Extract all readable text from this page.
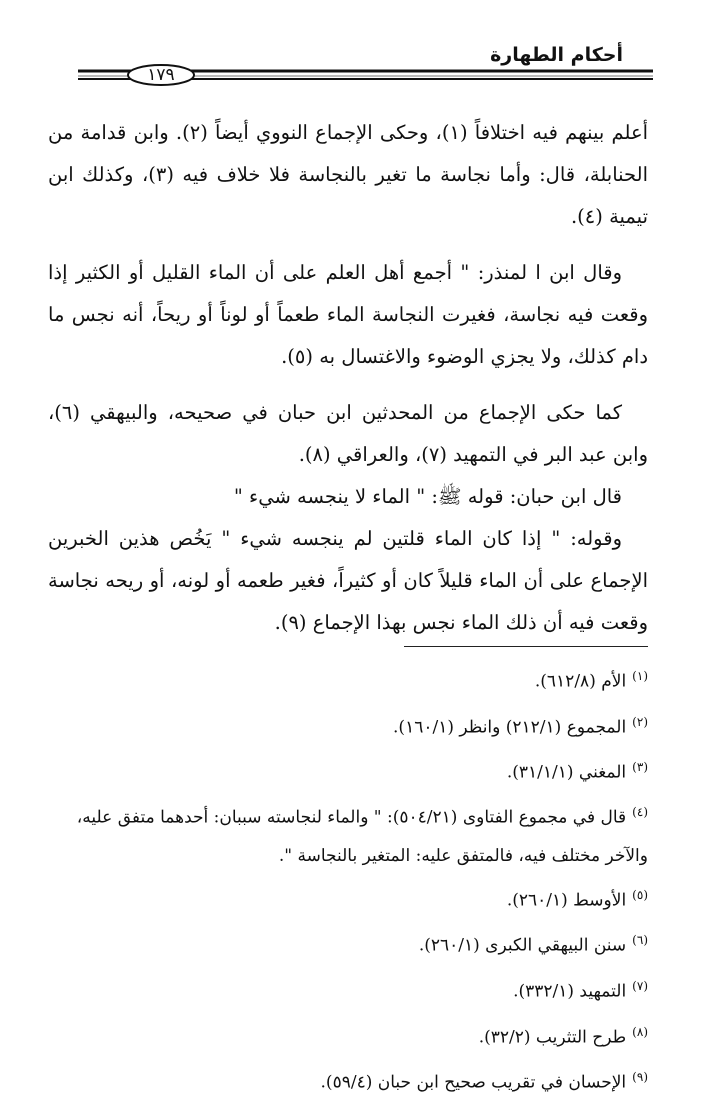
أحكام الطهارة
١٧٩

أعلم بينهم فيه اختلافاً (١)، وحكى الإجماع النووي أيضاً (٢). وابن قدامة من الحنابلة، قال: وأما نجاسة ما تغير بالنجاسة فلا خلاف فيه (٣)، وكذلك ابن تيمية (٤).

وقال ابن ا لمنذر: " أجمع أهل العلم على أن الماء القليل أو الكثير إذا وقعت فيه نجاسة، فغيرت النجاسة الماء طعماً أو لوناً أو ريحاً، أنه نجس ما دام كذلك، ولا يجزي الوضوء والاغتسال به (٥).

كما حكى الإجماع من المحدثين ابن حبان في صحيحه، والبيهقي (٦)، وابن عبد البر في التمهيد (٧)، والعراقي (٨).

قال ابن حبان: قوله ﷺ: " الماء لا ينجسه شيء "

وقوله: " إذا كان الماء قلتين لم ينجسه شيء " يَخُص هذين الخبرين الإجماع على أن الماء قليلاً كان أو كثيراً، فغير طعمه أو لونه، أو ريحه نجاسة وقعت فيه أن ذلك الماء نجس بهذا الإجماع (٩).

$^{(١)}$الأم (٦١٢/٨).

$^{(٢)}$المجموع (٢١٢/١) وانظر (١٦٠/١).

$^{(٣)}$المغني (٣١/١/١).

$^{(٤)}$قال في مجموع الفتاوى (٥٠٤/٢١): " والماء لنجاسته سببان: أحدهما متفق عليه، والآخر مختلف فيه، فالمتفق عليه: المتغير بالنجاسة ".

$^{(٥)}$الأوسط (٢٦٠/١).

$^{(٦)}$سنن البيهقي الكبرى (٢٦٠/١).

$^{(٧)}$التمهيد (٣٣٢/١).

$^{(٨)}$طرح التثريب (٣٢/٢).

$^{(٩)}$الإحسان في تقريب صحيح ابن حبان (٥٩/٤).
